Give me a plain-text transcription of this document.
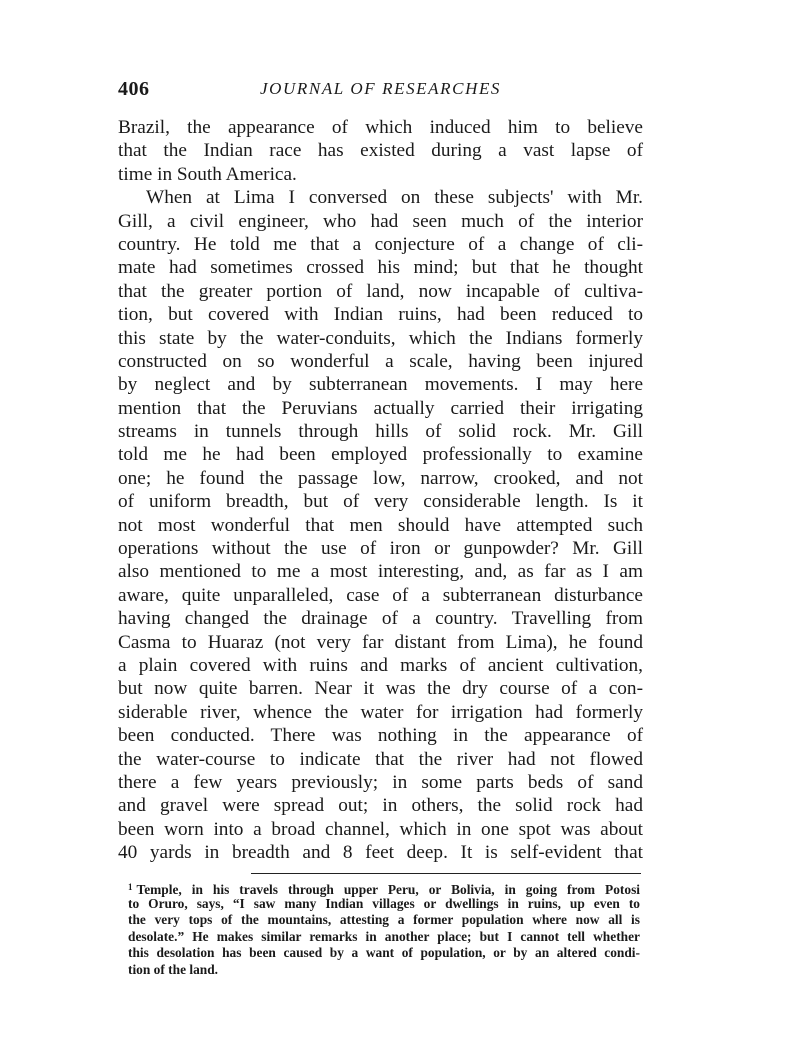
406	JOURNAL OF RESEARCHES
Brazil, the appearance of which induced him to believe
that the Indian race has existed during a vast lapse of
time in South America.
When at Lima I conversed on these subjects' with Mr.
Gill, a civil engineer, who had seen much of the interior
country. He told me that a conjecture of a change of cli-
mate had sometimes crossed his mind; but that he thought
that the greater portion of land, now incapable of cultiva-
tion, but covered with Indian ruins, had been reduced to
this state by the water-conduits, which the Indians formerly
constructed on so wonderful a scale, having been injured
by neglect and by subterranean movements. I may here
mention that the Peruvians actually carried their irrigating
streams in tunnels through hills of solid rock. Mr. Gill
told me he had been employed professionally to examine
one; he found the passage low, narrow, crooked, and not
of uniform breadth, but of very considerable length. Is it
not most wonderful that men should have attempted such
operations without the use of iron or gunpowder? Mr. Gill
also mentioned to me a most interesting, and, as far as I am
aware, quite unparalleled, case of a subterranean disturbance
having changed the drainage of a country. Travelling from
Casma to Huaraz (not very far distant from Lima), he found
a plain covered with ruins and marks of ancient cultivation,
but now quite barren. Near it was the dry course of a con-
siderable river, whence the water for irrigation had formerly
been conducted. There was nothing in the appearance of
the water-course to indicate that the river had not flowed
there a few years previously; in some parts beds of sand
and gravel were spread out; in others, the solid rock had
been worn into a broad channel, which in one spot was about
40 yards in breadth and 8 feet deep. It is self-evident that
$^1$ Temple, in his travels through upper Peru, or Bolivia, in going from Potosi
to Oruro, says, “I saw many Indian villages or dwellings in ruins, up even to
the very tops of the mountains, attesting a former population where now all is
desolate.” He makes similar remarks in another place; but I cannot tell whether
this desolation has been caused by a want of population, or by an altered condi-
tion of the land.
